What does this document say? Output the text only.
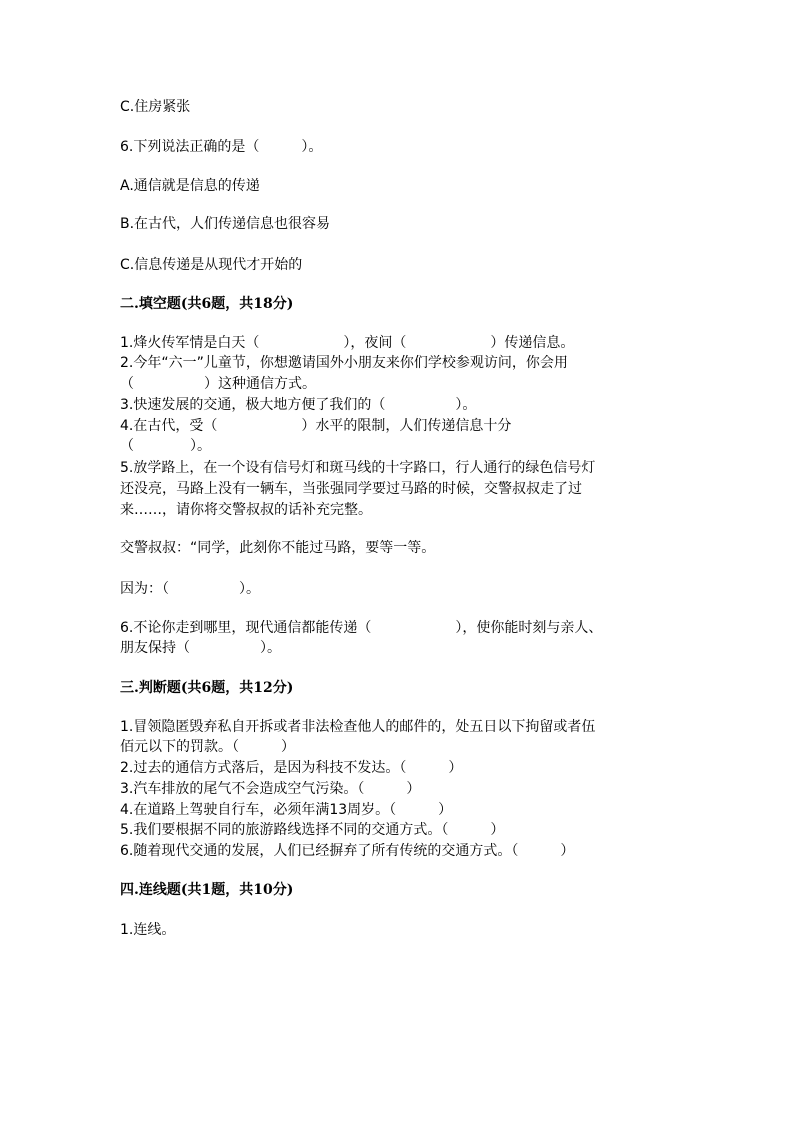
C.住房紧张
6.下列说法正确的是（　　　）。
A.通信就是信息的传递
B.在古代，人们传递信息也很容易
C.信息传递是从现代才开始的
二.填空题(共6题，共18分)
1.烽火传军情是白天（　　　　　　），夜间（　　　　　　）传递信息。
2.今年“六一”儿童节，你想邀请国外小朋友来你们学校参观访问，你会用
（　　　　　）这种通信方式。
3.快速发展的交通，极大地方便了我们的（　　　　　）。
4.在古代，受（　　　　　　）水平的限制，人们传递信息十分
（　　　　）。
5.放学路上，在一个设有信号灯和斑马线的十字路口，行人通行的绿色信号灯
还没亮，马路上没有一辆车，当张强同学要过马路的时候，交警叔叔走了过
来……，请你将交警叔叔的话补充完整。
交警叔叔：“同学，此刻你不能过马路，要等一等。
因为：（　　　　　）。
6.不论你走到哪里，现代通信都能传递（　　　　　　），使你能时刻与亲人、
朋友保持（　　　　　）。
三.判断题(共6题，共12分)
1.冒领隐匿毁弃私自开拆或者非法检查他人的邮件的，处五日以下拘留或者伍
佰元以下的罚款。（　　　）
2.过去的通信方式落后，是因为科技不发达。（　　　）
3.汽车排放的尾气不会造成空气污染。（　　　）
4.在道路上驾驶自行车，必须年满13周岁。（　　　）
5.我们要根据不同的旅游路线选择不同的交通方式。（　　　）
6.随着现代交通的发展，人们已经摒弃了所有传统的交通方式。（　　　）
四.连线题(共1题，共10分)
1.连线。
